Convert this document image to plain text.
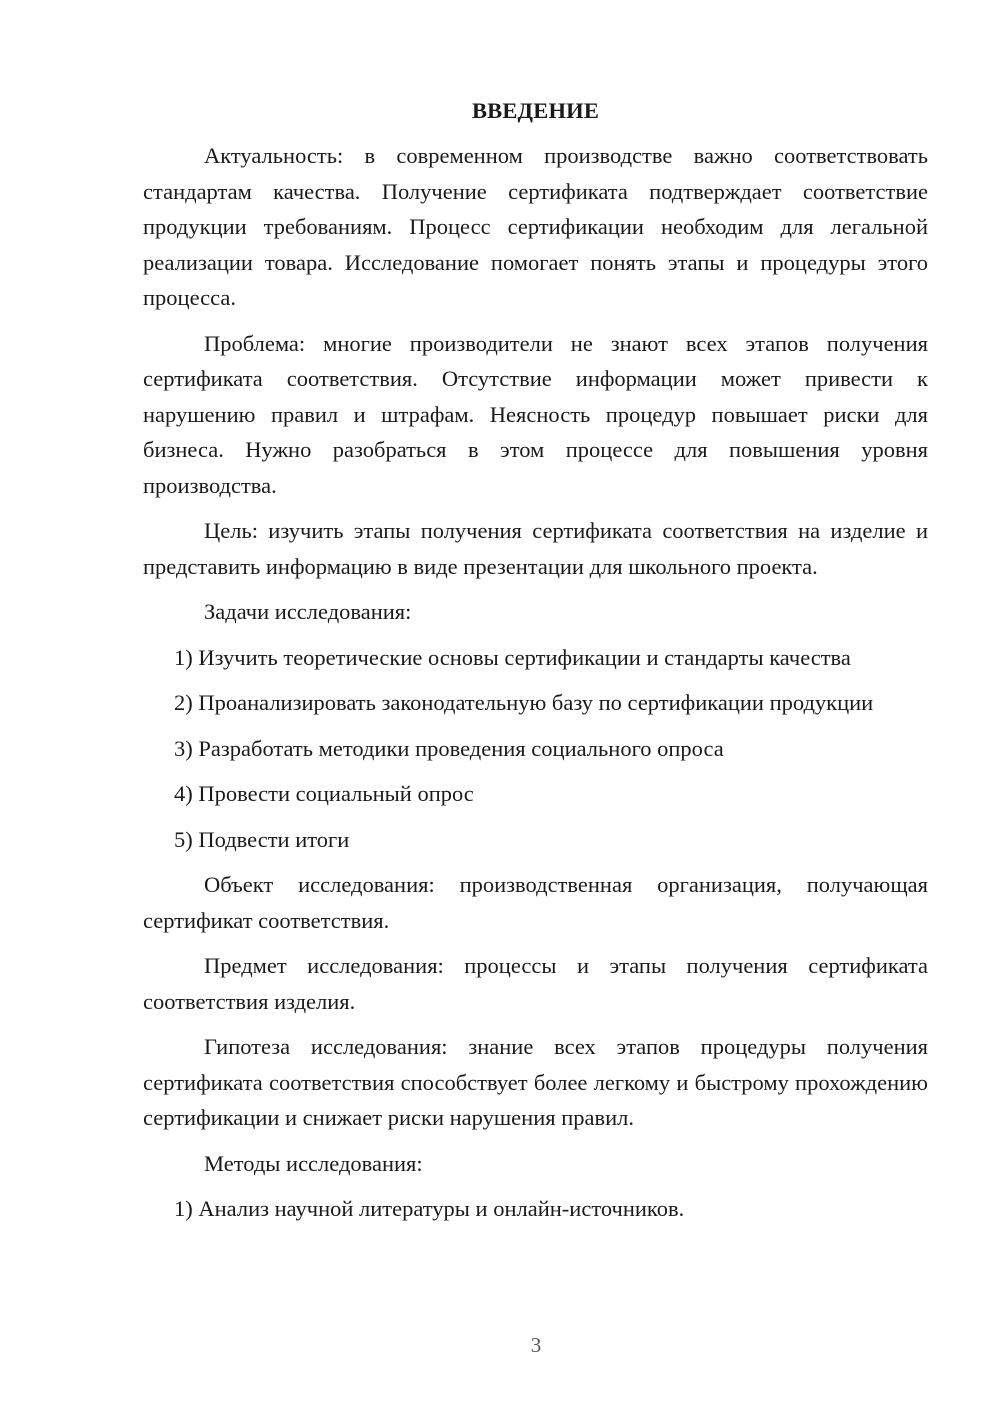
ВВЕДЕНИЕ

Актуальность: в современном производстве важно соответствовать стандартам качества. Получение сертификата подтверждает соответствие продукции требованиям. Процесс сертификации необходим для легальной реализации товара. Исследование помогает понять этапы и процедуры этого процесса.

Проблема: многие производители не знают всех этапов получения сертификата соответствия. Отсутствие информации может привести к нарушению правил и штрафам. Неясность процедур повышает риски для бизнеса. Нужно разобраться в этом процессе для повышения уровня производства.

Цель: изучить этапы получения сертификата соответствия на изделие и представить информацию в виде презентации для школьного проекта.

Задачи исследования:

1) Изучить теоретические основы сертификации и стандарты качества

2) Проанализировать законодательную базу по сертификации продукции

3) Разработать методики проведения социального опроса

4) Провести социальный опрос

5) Подвести итоги

Объект исследования: производственная организация, получающая сертификат соответствия.

Предмет исследования: процессы и этапы получения сертификата соответствия изделия.

Гипотеза исследования: знание всех этапов процедуры получения сертификата соответствия способствует более легкому и быстрому прохождению сертификации и снижает риски нарушения правил.

Методы исследования:

1) Анализ научной литературы и онлайн-источников.

3
